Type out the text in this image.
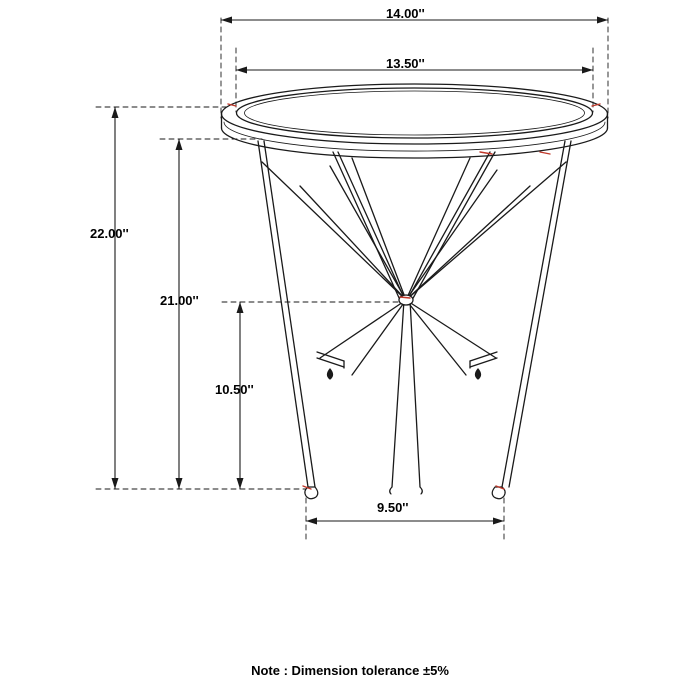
14.00''
13.50''
22.00''
21.00''
10.50''
9.50''
Note : Dimension tolerance ±5%
